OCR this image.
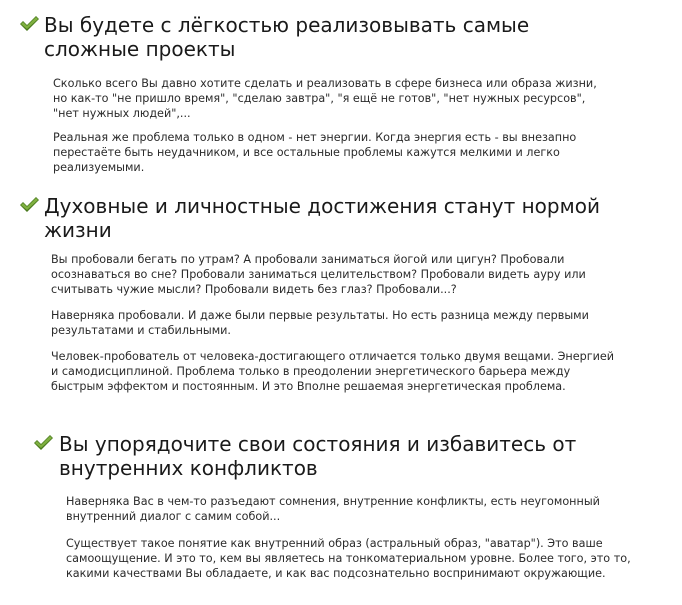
Вы будете с лёгкостью реализовывать самые сложные проекты

Сколько всего Вы давно хотите сделать и реализовать в сфере бизнеса или образа жизни, но как-то "не пришло время", "сделаю завтра", "я ещё не готов", "нет нужных ресурсов", "нет нужных людей",...

Реальная же проблема только в одном - нет энергии. Когда энергия есть - вы внезапно перестаёте быть неудачником, и все остальные проблемы кажутся мелкими и легко реализуемыми.

Духовные и личностные достижения станут нормой жизни

Вы пробовали бегать по утрам? А пробовали заниматься йогой или цигун? Пробовали осознаваться во сне? Пробовали заниматься целительством? Пробовали видеть ауру или считывать чужие мысли? Пробовали видеть без глаз? Пробовали...?

Наверняка пробовали. И даже были первые результаты. Но есть разница между первыми результатами и стабильными.

Человек-пробователь от человека-достигающего отличается только двумя вещами. Энергией и самодисциплиной. Проблема только в преодолении энергетического барьера между быстрым эффектом и постоянным. И это Вполне решаемая энергетическая проблема.

Вы упорядочите свои состояния и избавитесь от внутренних конфликтов

Наверняка Вас в чем-то разъедают сомнения, внутренние конфликты, есть неугомонный внутренний диалог с самим собой...

Существует такое понятие как внутренний образ (астральный образ, "аватар"). Это ваше самоощущение. И это то, кем вы являетесь на тонкоматериальном уровне. Более того, это то, какими качествами Вы обладаете, и как вас подсознательно воспринимают окружающие.
